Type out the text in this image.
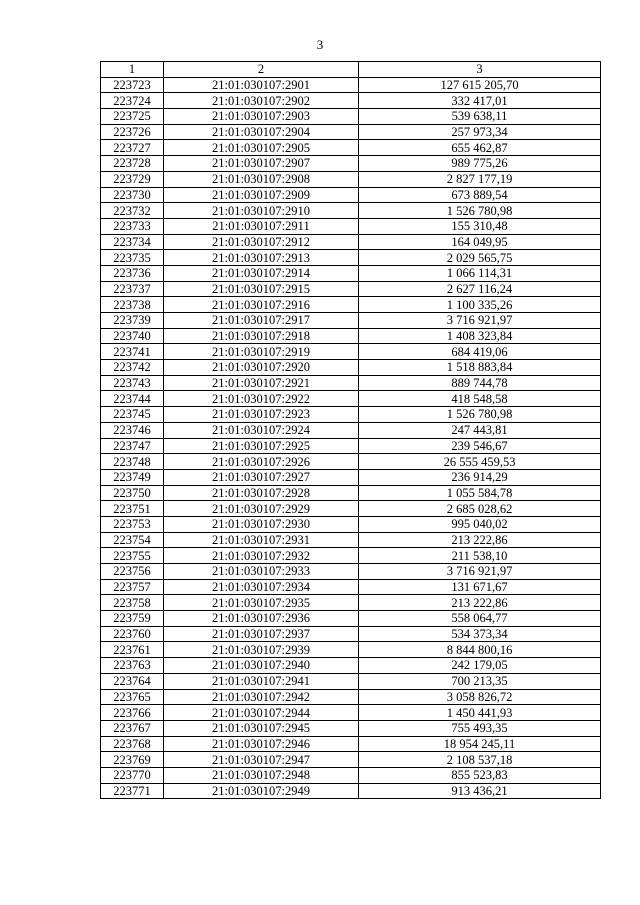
3
1	2	3
223723	21:01:030107:2901	127 615 205,70
223724	21:01:030107:2902	332 417,01
223725	21:01:030107:2903	539 638,11
223726	21:01:030107:2904	257 973,34
223727	21:01:030107:2905	655 462,87
223728	21:01:030107:2907	989 775,26
223729	21:01:030107:2908	2 827 177,19
223730	21:01:030107:2909	673 889,54
223732	21:01:030107:2910	1 526 780,98
223733	21:01:030107:2911	155 310,48
223734	21:01:030107:2912	164 049,95
223735	21:01:030107:2913	2 029 565,75
223736	21:01:030107:2914	1 066 114,31
223737	21:01:030107:2915	2 627 116,24
223738	21:01:030107:2916	1 100 335,26
223739	21:01:030107:2917	3 716 921,97
223740	21:01:030107:2918	1 408 323,84
223741	21:01:030107:2919	684 419,06
223742	21:01:030107:2920	1 518 883,84
223743	21:01:030107:2921	889 744,78
223744	21:01:030107:2922	418 548,58
223745	21:01:030107:2923	1 526 780,98
223746	21:01:030107:2924	247 443,81
223747	21:01:030107:2925	239 546,67
223748	21:01:030107:2926	26 555 459,53
223749	21:01:030107:2927	236 914,29
223750	21:01:030107:2928	1 055 584,78
223751	21:01:030107:2929	2 685 028,62
223753	21:01:030107:2930	995 040,02
223754	21:01:030107:2931	213 222,86
223755	21:01:030107:2932	211 538,10
223756	21:01:030107:2933	3 716 921,97
223757	21:01:030107:2934	131 671,67
223758	21:01:030107:2935	213 222,86
223759	21:01:030107:2936	558 064,77
223760	21:01:030107:2937	534 373,34
223761	21:01:030107:2939	8 844 800,16
223763	21:01:030107:2940	242 179,05
223764	21:01:030107:2941	700 213,35
223765	21:01:030107:2942	3 058 826,72
223766	21:01:030107:2944	1 450 441,93
223767	21:01:030107:2945	755 493,35
223768	21:01:030107:2946	18 954 245,11
223769	21:01:030107:2947	2 108 537,18
223770	21:01:030107:2948	855 523,83
223771	21:01:030107:2949	913 436,21
